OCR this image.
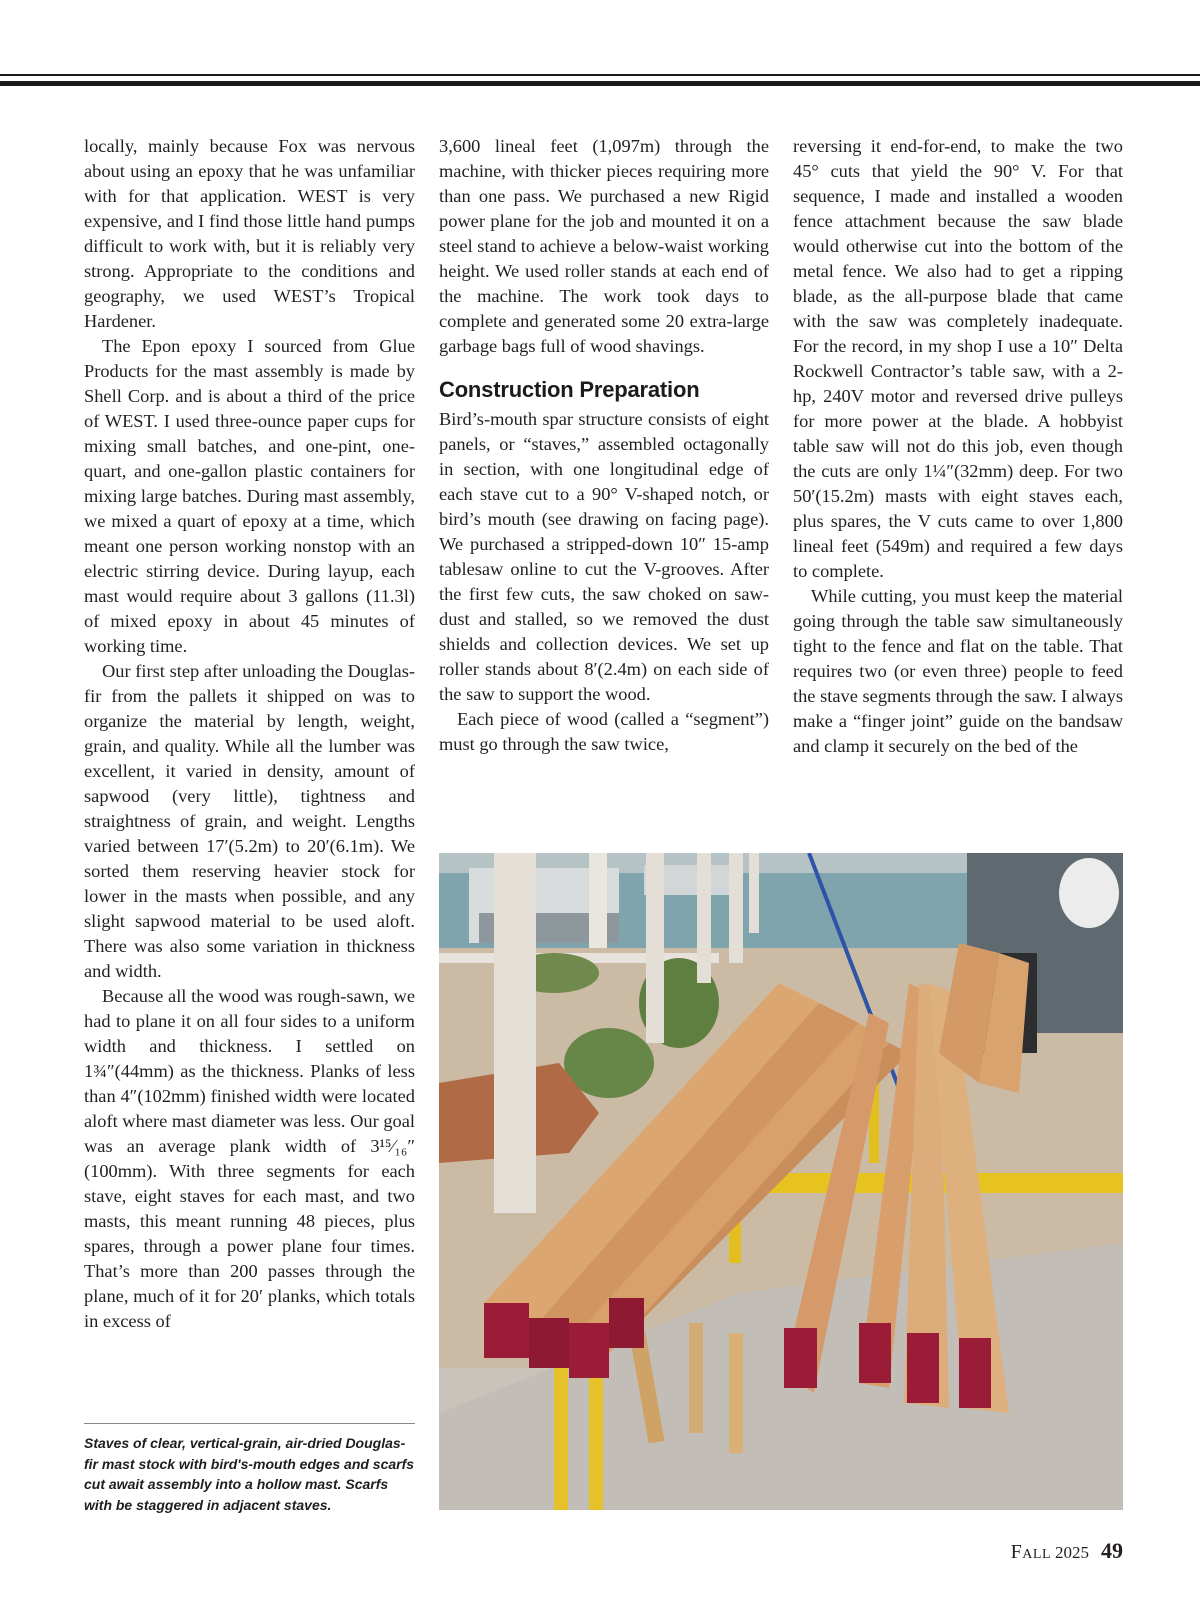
locally, mainly because Fox was nervous about using an epoxy that he was unfamiliar with for that application. WEST is very expensive, and I find those little hand pumps difficult to work with, but it is reliably very strong. Appropriate to the conditions and geography, we used WEST’s Tropical Hardener.

The Epon epoxy I sourced from Glue Products for the mast assembly is made by Shell Corp. and is about a third of the price of WEST. I used three-ounce paper cups for mixing small batches, and one-pint, one-quart, and one-gallon plastic containers for mixing large batches. During mast assembly, we mixed a quart of epoxy at a time, which meant one person working nonstop with an electric stirring device. During layup, each mast would require about 3 gallons (11.3l) of mixed epoxy in about 45 minutes of working time.

Our first step after unloading the Douglas-fir from the pallets it shipped on was to organize the material by length, weight, grain, and quality. While all the lumber was excellent, it varied in density, amount of sapwood (very little), tightness and straightness of grain, and weight. Lengths varied between 17′(5.2m) to 20′(6.1m). We sorted them reserving heavier stock for lower in the masts when possible, and any slight sapwood material to be used aloft. There was also some variation in thickness and width.

Because all the wood was rough-sawn, we had to plane it on all four sides to a uniform width and thickness. I settled on 1¾″(44mm) as the thickness. Planks of less than 4″(102mm) finished width were located aloft where mast diameter was less. Our goal was an average plank width of 3¹⁵⁄₁₆″ (100mm). With three segments for each stave, eight staves for each mast, and two masts, this meant running 48 pieces, plus spares, through a power plane four times. That’s more than 200 passes through the plane, much of it for 20′ planks, which totals in excess of

3,600 lineal feet (1,097m) through the machine, with thicker pieces requiring more than one pass. We purchased a new Rigid power plane for the job and mounted it on a steel stand to achieve a below-waist working height. We used roller stands at each end of the machine. The work took days to complete and generated some 20 extra-large garbage bags full of wood shavings.

Construction Preparation

Bird’s-mouth spar structure consists of eight panels, or “staves,” assembled octagonally in section, with one longitudinal edge of each stave cut to a 90° V-shaped notch, or bird’s mouth (see drawing on facing page). We purchased a stripped-down 10″ 15-amp tablesaw online to cut the V-grooves. After the first few cuts, the saw choked on sawdust and stalled, so we removed the dust shields and collection devices. We set up roller stands about 8′(2.4m) on each side of the saw to support the wood.

Each piece of wood (called a “segment”) must go through the saw twice,

reversing it end-for-end, to make the two 45° cuts that yield the 90° V. For that sequence, I made and installed a wooden fence attachment because the saw blade would otherwise cut into the bottom of the metal fence. We also had to get a ripping blade, as the all-purpose blade that came with the saw was completely inadequate. For the record, in my shop I use a 10″ Delta Rockwell Contractor’s table saw, with a 2-hp, 240V motor and reversed drive pulleys for more power at the blade. A hobbyist table saw will not do this job, even though the cuts are only 1¼″(32mm) deep. For two 50′(15.2m) masts with eight staves each, plus spares, the V cuts came to over 1,800 lineal feet (549m) and required a few days to complete.

While cutting, you must keep the material going through the table saw simultaneously tight to the fence and flat on the table. That requires two (or even three) people to feed the stave segments through the saw. I always make a “finger joint” guide on the bandsaw and clamp it securely on the bed of the

Staves of clear, vertical-grain, air-dried Douglas-fir mast stock with bird's-mouth edges and scarfs cut await assembly into a hollow mast. Scarfs with be staggered in adjacent staves.
Fall 2025 49
